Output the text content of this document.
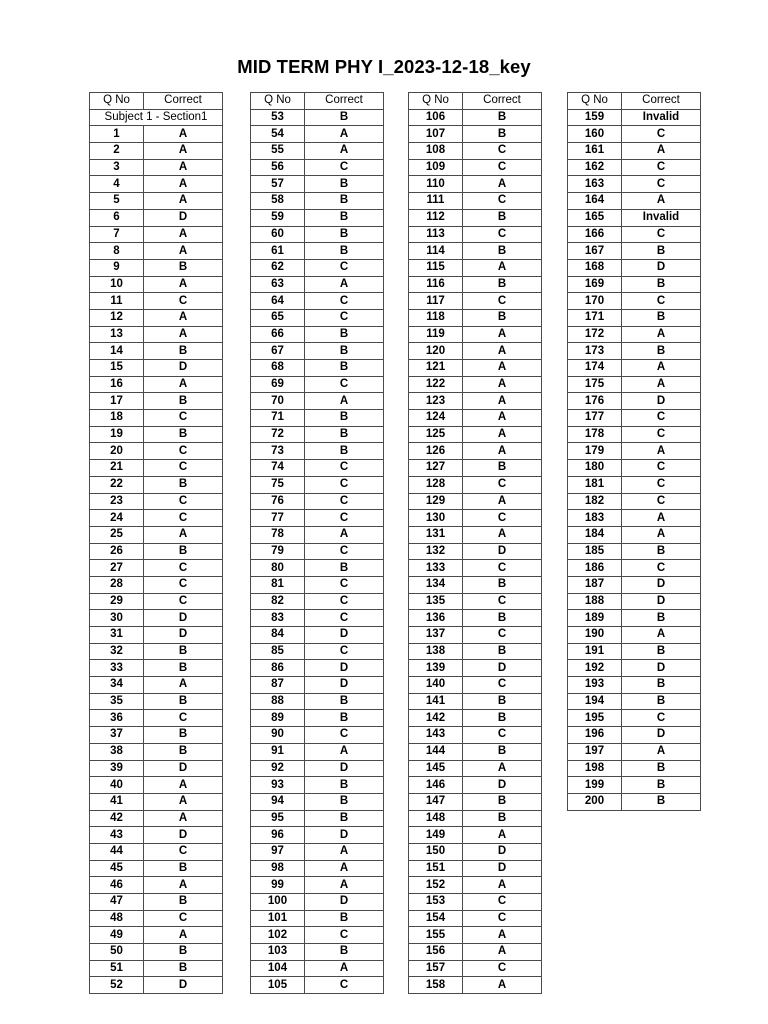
MID TERM PHY I_2023-12-18_key
Q No	Correct
Subject 1 - Section1	
1	A
2	A
3	A
4	A
5	A
6	D
7	A
8	A
9	B
10	A
11	C
12	A
13	A
14	B
15	D
16	A
17	B
18	C
19	B
20	C
21	C
22	B
23	C
24	C
25	A
26	B
27	C
28	C
29	C
30	D
31	D
32	B
33	B
34	A
35	B
36	C
37	B
38	B
39	D
40	A
41	A
42	A
43	D
44	C
45	B
46	A
47	B
48	C
49	A
50	B
51	B
52	D
Q No	Correct
53	B
54	A
55	A
56	C
57	B
58	B
59	B
60	B
61	B
62	C
63	A
64	C
65	C
66	B
67	B
68	B
69	C
70	A
71	B
72	B
73	B
74	C
75	C
76	C
77	C
78	A
79	C
80	B
81	C
82	C
83	C
84	D
85	C
86	D
87	D
88	B
89	B
90	C
91	A
92	D
93	B
94	B
95	B
96	D
97	A
98	A
99	A
100	D
101	B
102	C
103	B
104	A
105	C
Q No	Correct
106	B
107	B
108	C
109	C
110	A
111	C
112	B
113	C
114	B
115	A
116	B
117	C
118	B
119	A
120	A
121	A
122	A
123	A
124	A
125	A
126	A
127	B
128	C
129	A
130	C
131	A
132	D
133	C
134	B
135	C
136	B
137	C
138	B
139	D
140	C
141	B
142	B
143	C
144	B
145	A
146	D
147	B
148	B
149	A
150	D
151	D
152	A
153	C
154	C
155	A
156	A
157	C
158	A
Q No	Correct
159	Invalid
160	C
161	A
162	C
163	C
164	A
165	Invalid
166	C
167	B
168	D
169	B
170	C
171	B
172	A
173	B
174	A
175	A
176	D
177	C
178	C
179	A
180	C
181	C
182	C
183	A
184	A
185	B
186	C
187	D
188	D
189	B
190	A
191	B
192	D
193	B
194	B
195	C
196	D
197	A
198	B
199	B
200	B
